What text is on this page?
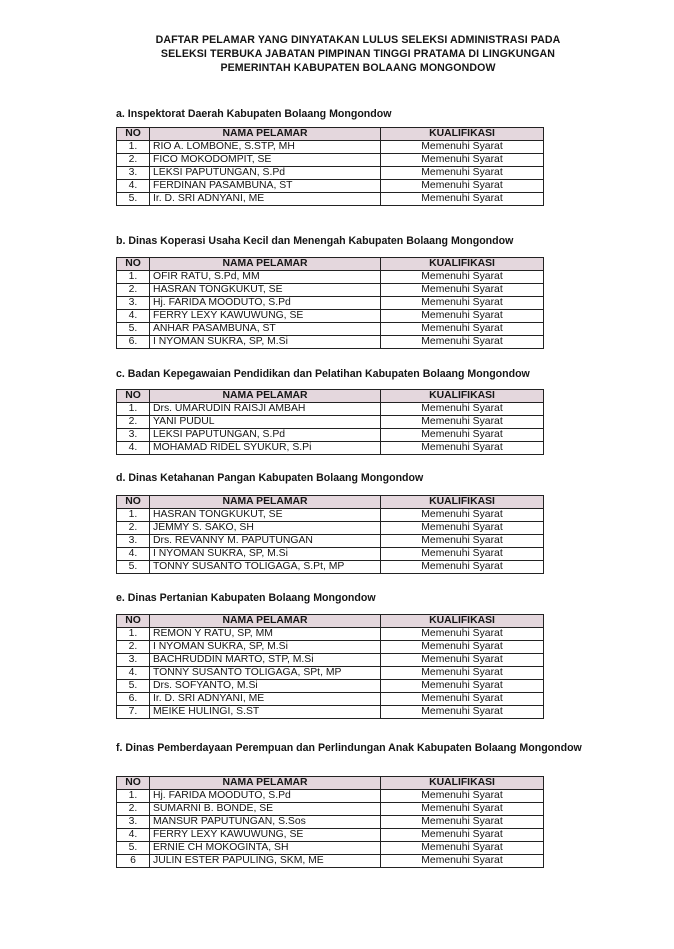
DAFTAR PELAMAR YANG DINYATAKAN LULUS SELEKSI ADMINISTRASI PADA
SELEKSI TERBUKA JABATAN PIMPINAN TINGGI PRATAMA DI LINGKUNGAN
PEMERINTAH KABUPATEN BOLAANG MONGONDOW
a. Inspektorat Daerah Kabupaten Bolaang Mongondow
NO	NAMA PELAMAR	KUALIFIKASI
1.	RIO A. LOMBONE, S.STP, MH	Memenuhi Syarat
2.	FICO MOKODOMPIT, SE	Memenuhi Syarat
3.	LEKSI PAPUTUNGAN, S.Pd	Memenuhi Syarat
4.	FERDINAN PASAMBUNA, ST	Memenuhi Syarat
5.	Ir. D. SRI ADNYANI, ME	Memenuhi Syarat
b. Dinas Koperasi Usaha Kecil dan Menengah Kabupaten Bolaang Mongondow
NO	NAMA PELAMAR	KUALIFIKASI
1.	OFIR RATU, S.Pd, MM	Memenuhi Syarat
2.	HASRAN TONGKUKUT, SE	Memenuhi Syarat
3.	Hj. FARIDA MOODUTO, S.Pd	Memenuhi Syarat
4.	FERRY LEXY KAWUWUNG, SE	Memenuhi Syarat
5.	ANHAR PASAMBUNA, ST	Memenuhi Syarat
6.	I NYOMAN SUKRA, SP, M.Si	Memenuhi Syarat
c. Badan Kepegawaian Pendidikan dan Pelatihan Kabupaten Bolaang Mongondow
NO	NAMA PELAMAR	KUALIFIKASI
1.	Drs. UMARUDIN RAISJI AMBAH	Memenuhi Syarat
2.	YANI PUDUL	Memenuhi Syarat
3.	LEKSI PAPUTUNGAN, S.Pd	Memenuhi Syarat
4.	MOHAMAD RIDEL SYUKUR, S.Pi	Memenuhi Syarat
d. Dinas Ketahanan Pangan Kabupaten Bolaang Mongondow
NO	NAMA PELAMAR	KUALIFIKASI
1.	HASRAN TONGKUKUT, SE	Memenuhi Syarat
2.	JEMMY S. SAKO, SH	Memenuhi Syarat
3.	Drs. REVANNY M. PAPUTUNGAN	Memenuhi Syarat
4.	I NYOMAN SUKRA, SP, M.Si	Memenuhi Syarat
5.	TONNY SUSANTO TOLIGAGA, S.Pt, MP	Memenuhi Syarat
e. Dinas Pertanian Kabupaten Bolaang Mongondow
NO	NAMA PELAMAR	KUALIFIKASI
1.	REMON Y RATU, SP, MM	Memenuhi Syarat
2.	I NYOMAN SUKRA, SP, M.Si	Memenuhi Syarat
3.	BACHRUDDIN MARTO, STP, M.Si	Memenuhi Syarat
4.	TONNY SUSANTO TOLIGAGA, SPt, MP	Memenuhi Syarat
5.	Drs. SOFYANTO, M.Si	Memenuhi Syarat
6.	Ir. D. SRI ADNYANI, ME	Memenuhi Syarat
7.	MEIKE HULINGI, S.ST	Memenuhi Syarat
f. Dinas Pemberdayaan Perempuan dan Perlindungan Anak Kabupaten Bolaang Mongondow
NO	NAMA PELAMAR	KUALIFIKASI
1.	Hj. FARIDA MOODUTO, S.Pd	Memenuhi Syarat
2.	SUMARNI B. BONDE, SE	Memenuhi Syarat
3.	MANSUR PAPUTUNGAN, S.Sos	Memenuhi Syarat
4.	FERRY LEXY KAWUWUNG, SE	Memenuhi Syarat
5.	ERNIE CH MOKOGINTA, SH	Memenuhi Syarat
6	JULIN ESTER PAPULING, SKM, ME	Memenuhi Syarat
